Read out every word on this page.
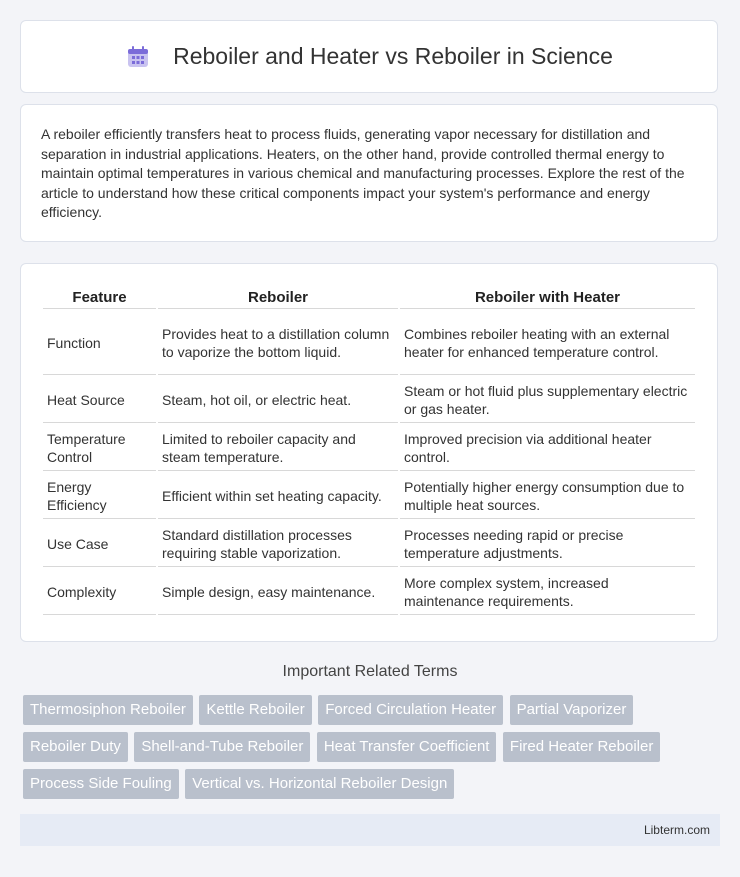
Reboiler and Heater vs Reboiler in Science

A reboiler efficiently transfers heat to process fluids, generating vapor necessary for distillation and separation in industrial applications. Heaters, on the other hand, provide controlled thermal energy to maintain optimal temperatures in various chemical and manufacturing processes. Explore the rest of the article to understand how these critical components impact your system's performance and energy efficiency.

Feature	Reboiler	Reboiler with Heater
Function	Provides heat to a distillation column to vaporize the bottom liquid.	Combines reboiler heating with an external heater for enhanced temperature control.
Heat Source	Steam, hot oil, or electric heat.	Steam or hot fluid plus supplementary electric or gas heater.
Temperature Control	Limited to reboiler capacity and steam temperature.	Improved precision via additional heater control.
Energy Efficiency	Efficient within set heating capacity.	Potentially higher energy consumption due to multiple heat sources.
Use Case	Standard distillation processes requiring stable vaporization.	Processes needing rapid or precise temperature adjustments.
Complexity	Simple design, easy maintenance.	More complex system, increased maintenance requirements.
Important Related Terms
Thermosiphon Reboiler Kettle Reboiler Forced Circulation Heater Partial Vaporizer Reboiler Duty Shell-and-Tube Reboiler Heat Transfer Coefficient Fired Heater Reboiler Process Side Fouling Vertical vs. Horizontal Reboiler Design
Libterm.com
